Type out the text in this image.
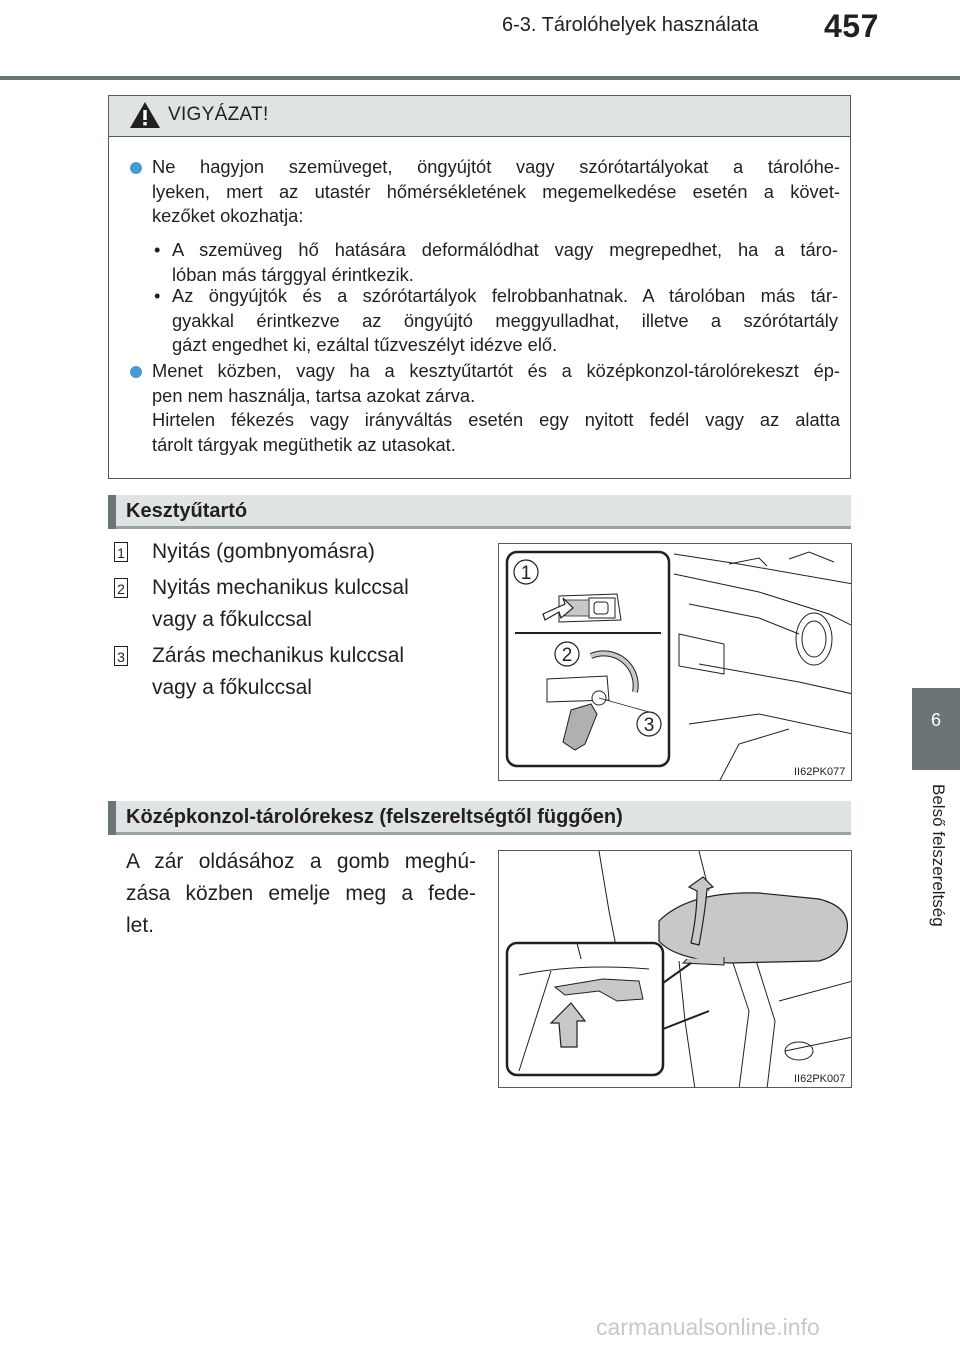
6-3. Tárolóhelyek használata 457
6
Belső felszereltség
VIGYÁZAT!
Ne hagyjon szemüveget, öngyújtót vagy szórótartályokat a tárolóhe-
lyeken, mert az utastér hőmérsékletének megemelkedése esetén a követ-
kezőket okozhatja:
• A szemüveg hő hatására deformálódhat vagy megrepedhet, ha a táro-
lóban más tárggyal érintkezik.
• Az öngyújtók és a szórótartályok felrobbanhatnak. A tárolóban más tár-
gyakkal érintkezve az öngyújtó meggyulladhat, illetve a szórótartály
gázt engedhet ki, ezáltal tűzveszélyt idézve elő.
Menet közben, vagy ha a kesztyűtartót és a középkonzol-tárolórekeszt ép-
pen nem használja, tartsa azokat zárva.
Hirtelen fékezés vagy irányváltás esetén egy nyitott fedél vagy az alatta
tárolt tárgyak megüthetik az utasokat.
Kesztyűtartó
1 Nyitás (gombnyomásra)
2 Nyitás mechanikus kulccsal
vagy a főkulccsal
3 Zárás mechanikus kulccsal
vagy a főkulccsal
1
2
3
II62PK077
Középkonzol-tárolórekesz (felszereltségtől függően)
A zár oldásához a gomb meghú-
zása közben emelje meg a fede-
let.
II62PK007
carmanualsonline.info
